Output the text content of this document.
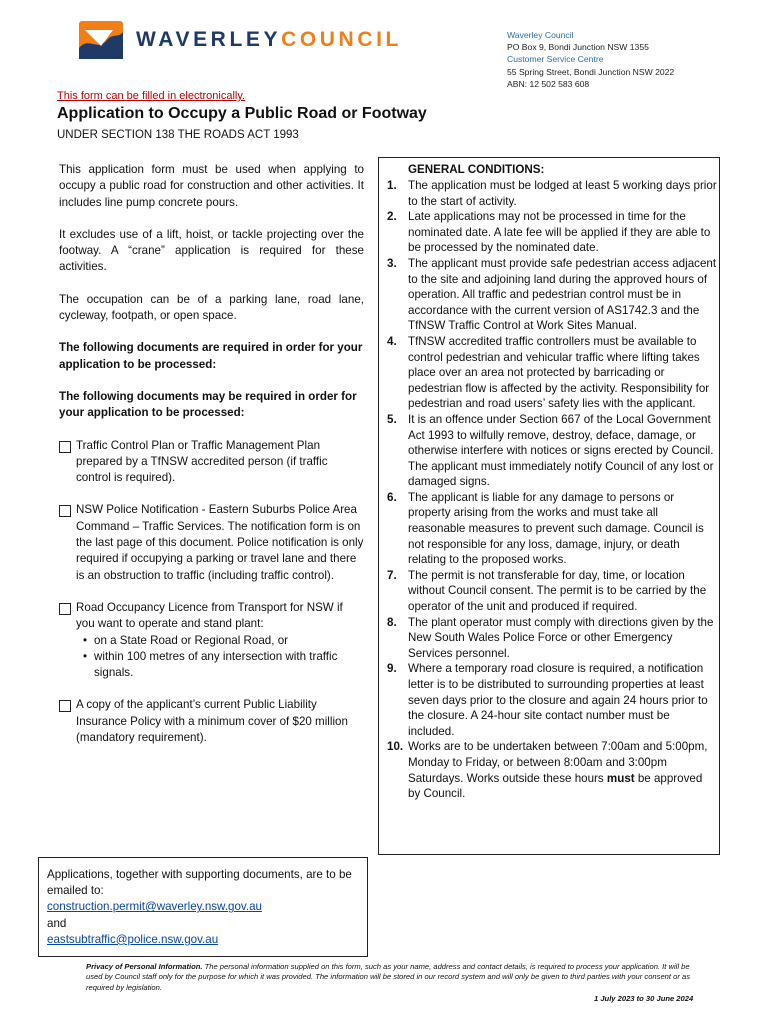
WAVERLEYCOUNCIL	Waverley Council
PO Box 9, Bondi Junction NSW 1355
Customer Service Centre
55 Spring Street, Bondi Junction NSW 2022
ABN: 12 502 583 608
This form can be filled in electronically.
Application to Occupy a Public Road or Footway
UNDER SECTION 138 THE ROADS ACT 1993

This application form must be used when applying to occupy a public road for construction and other activities. It includes line pump concrete pours.

It excludes use of a lift, hoist, or tackle projecting over the footway. A “crane” application is required for these activities.

The occupation can be of a parking lane, road lane, cycleway, footpath, or open space.

The following documents are required in order for your application to be processed:

The following documents may be required in order for your application to be processed:

Traffic Control Plan or Traffic Management Plan prepared by a TfNSW accredited person (if traffic control is required).
NSW Police Notification - Eastern Suburbs Police Area Command – Traffic Services. The notification form is on the last page of this document. Police notification is only required if occupying a parking or travel lane and there is an obstruction to traffic (including traffic control).
Road Occupancy Licence from Transport for NSW if you want to operate and stand plant:
• on a State Road or Regional Road, or
• within 100 metres of any intersection with traffic signals.
A copy of the applicant’s current Public Liability Insurance Policy with a minimum cover of $20 million (mandatory requirement).
GENERAL CONDITIONS:
1. The application must be lodged at least 5 working days prior to the start of activity.
2. Late applications may not be processed in time for the nominated date. A late fee will be applied if they are able to be processed by the nominated date.
3. The applicant must provide safe pedestrian access adjacent to the site and adjoining land during the approved hours of operation. All traffic and pedestrian control must be in accordance with the current version of AS1742.3 and the TfNSW Traffic Control at Work Sites Manual.
4. TfNSW accredited traffic controllers must be available to control pedestrian and vehicular traffic where lifting takes place over an area not protected by barricading or pedestrian flow is affected by the activity. Responsibility for pedestrian and road users’ safety lies with the applicant.
5. It is an offence under Section 667 of the Local Government Act 1993 to wilfully remove, destroy, deface, damage, or otherwise interfere with notices or signs erected by Council. The applicant must immediately notify Council of any lost or damaged signs.
6. The applicant is liable for any damage to persons or property arising from the works and must take all reasonable measures to prevent such damage. Council is not responsible for any loss, damage, injury, or death relating to the proposed works.
7. The permit is not transferable for day, time, or location without Council consent. The permit is to be carried by the operator of the unit and produced if required.
8. The plant operator must comply with directions given by the New South Wales Police Force or other Emergency Services personnel.
9. Where a temporary road closure is required, a notification letter is to be distributed to surrounding properties at least seven days prior to the closure and again 24 hours prior to the closure. A 24-hour site contact number must be included.
10. Works are to be undertaken between 7:00am and 5:00pm, Monday to Friday, or between 8:00am and 3:00pm Saturdays. Works outside these hours must be approved by Council.
Applications, together with supporting documents, are to be emailed to:
construction.permit@waverley.nsw.gov.au
and
eastsubtraffic@police.nsw.gov.au
Privacy of Personal Information. The personal information supplied on this form, such as your name, address and contact details, is required to process your application. It will be used by Council staff only for the purpose for which it was provided. The information will be stored in our record system and will only be given to third parties with your consent or as required by legislation.
1 July 2023 to 30 June 2024
